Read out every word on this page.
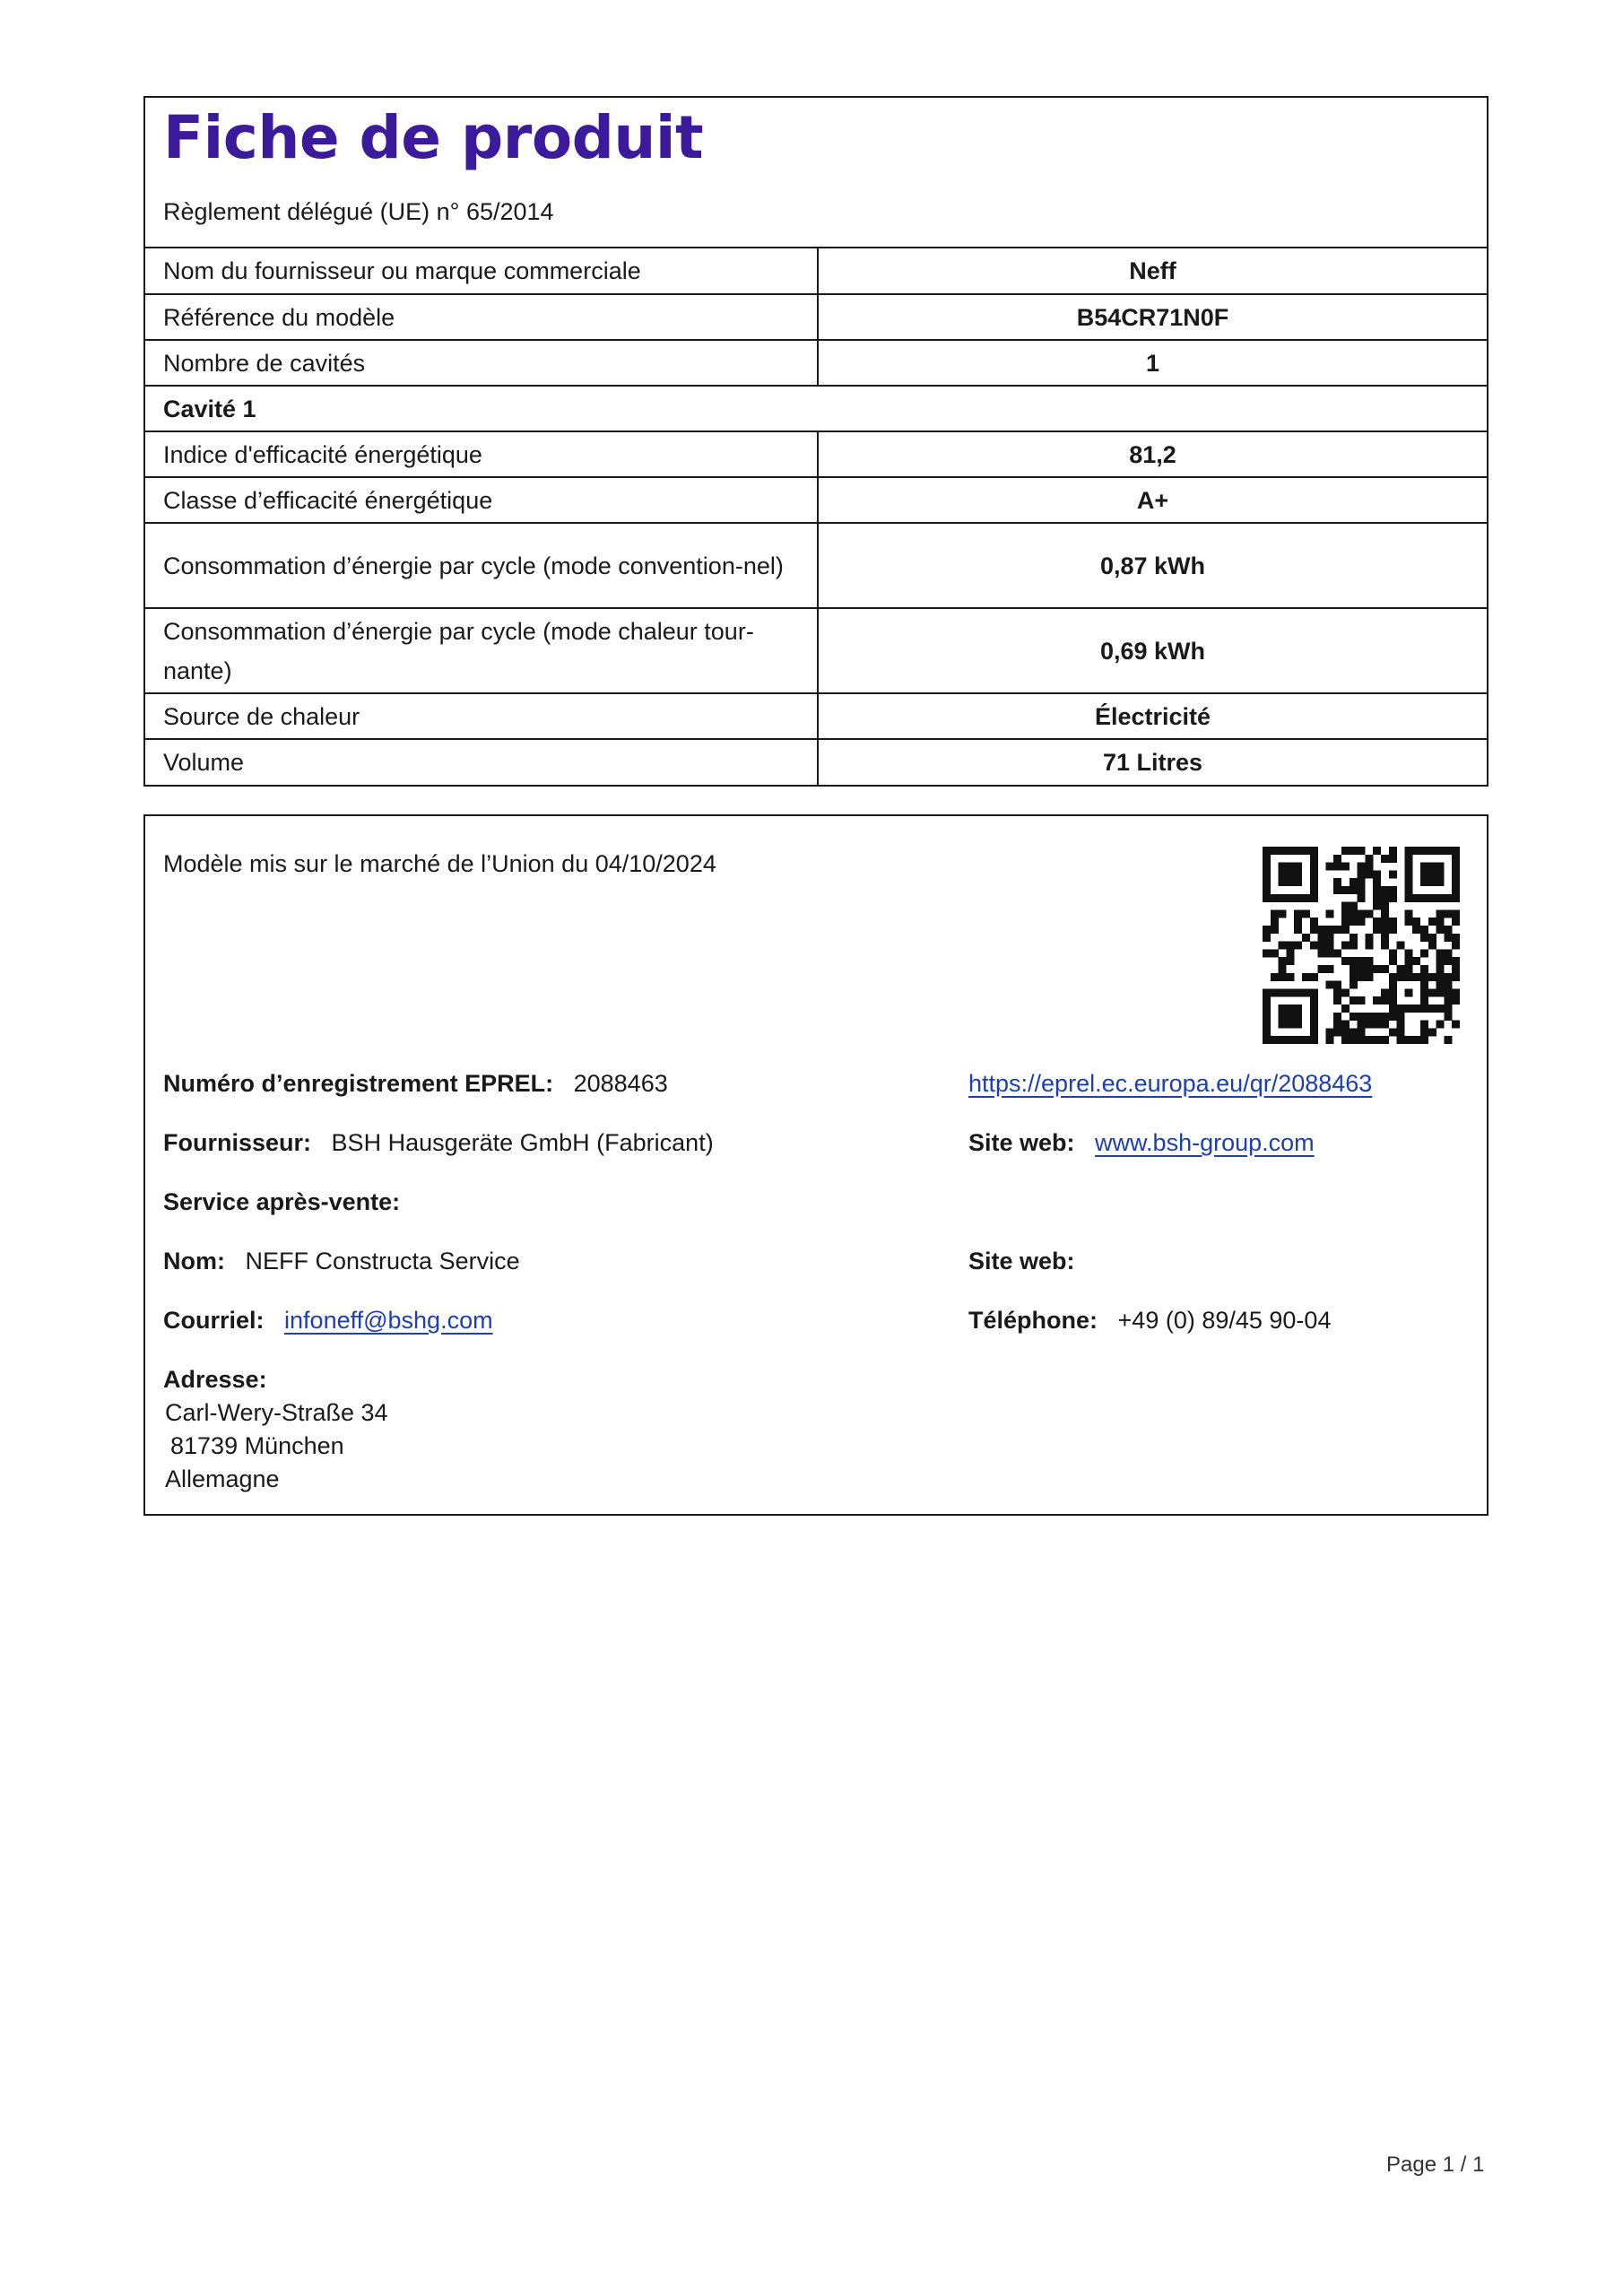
Fiche de produit
Règlement délégué (UE) n° 65/2014
Nom du fournisseur ou marque commerciale	Neff
Référence du modèle	B54CR71N0F
Nombre de cavités	1
Cavité 1	
Indice d'efficacité énergétique	81,2
Classe d’efficacité énergétique	A+
Consommation d’énergie par cycle (mode convention-nel)	0,87 kWh
Consommation d’énergie par cycle (mode chaleur tour-nante)	0,69 kWh
Source de chaleur	Électricité
Volume	71 Litres
Modèle mis sur le marché de l’Union du 04/10/2024
Numéro d’enregistrement EPREL: 2088463	https://eprel.ec.europa.eu/qr/2088463
Fournisseur: BSH Hausgeräte GmbH (Fabricant)	Site web: www.bsh-group.com
Service après-vente:
Nom: NEFF Constructa Service	Site web:
Courriel: infoneff@bshg.com	Téléphone: +49 (0) 89/45 90-04
Adresse:
Carl-Wery-Straße 34
81739 München
Allemagne
Page 1 / 1
